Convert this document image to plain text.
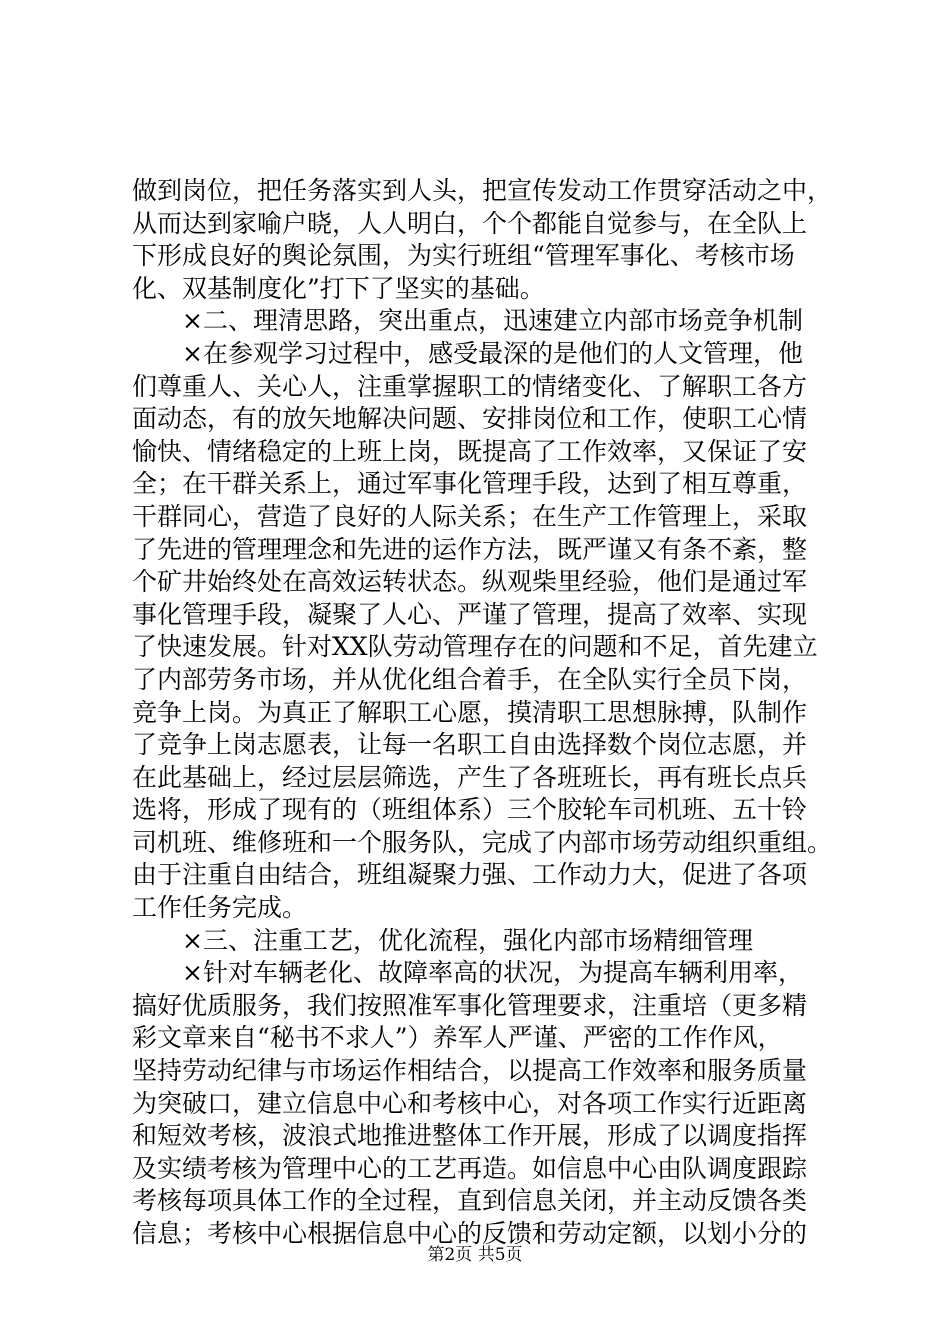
做到岗位，把任务落实到人头，把宣传发动工作贯穿活动之中，
从而达到家喻户晓，人人明白，个个都能自觉参与，在全队上
下形成良好的舆论氛围，为实行班组“管理军事化、考核市场
化、双基制度化”打下了坚实的基础。
　　×二、理清思路，突出重点，迅速建立内部市场竞争机制
　　×在参观学习过程中，感受最深的是他们的人文管理，他
们尊重人、关心人，注重掌握职工的情绪变化、了解职工各方
面动态，有的放矢地解决问题、安排岗位和工作，使职工心情
愉快、情绪稳定的上班上岗，既提高了工作效率，又保证了安
全；在干群关系上，通过军事化管理手段，达到了相互尊重，
干群同心，营造了良好的人际关系；在生产工作管理上，采取
了先进的管理理念和先进的运作方法，既严谨又有条不紊，整
个矿井始终处在高效运转状态。纵观柴里经验，他们是通过军
事化管理手段，凝聚了人心、严谨了管理，提高了效率、实现
了快速发展。针对XX队劳动管理存在的问题和不足，首先建立
了内部劳务市场，并从优化组合着手，在全队实行全员下岗，
竞争上岗。为真正了解职工心愿，摸清职工思想脉搏，队制作
了竞争上岗志愿表，让每一名职工自由选择数个岗位志愿，并
在此基础上，经过层层筛选，产生了各班班长，再有班长点兵
选将，形成了现有的（班组体系）三个胶轮车司机班、五十铃
司机班、维修班和一个服务队，完成了内部市场劳动组织重组。
由于注重自由结合，班组凝聚力强、工作动力大，促进了各项
工作任务完成。
　　×三、注重工艺，优化流程，强化内部市场精细管理
　　×针对车辆老化、故障率高的状况，为提高车辆利用率，
搞好优质服务，我们按照准军事化管理要求，注重培（更多精
彩文章来自“秘书不求人”）养军人严谨、严密的工作作风，
坚持劳动纪律与市场运作相结合，以提高工作效率和服务质量
为突破口，建立信息中心和考核中心，对各项工作实行近距离
和短效考核，波浪式地推进整体工作开展，形成了以调度指挥
及实绩考核为管理中心的工艺再造。如信息中心由队调度跟踪
考核每项具体工作的全过程，直到信息关闭，并主动反馈各类
信息；考核中心根据信息中心的反馈和劳动定额，以划小分的
第2页 共5页
